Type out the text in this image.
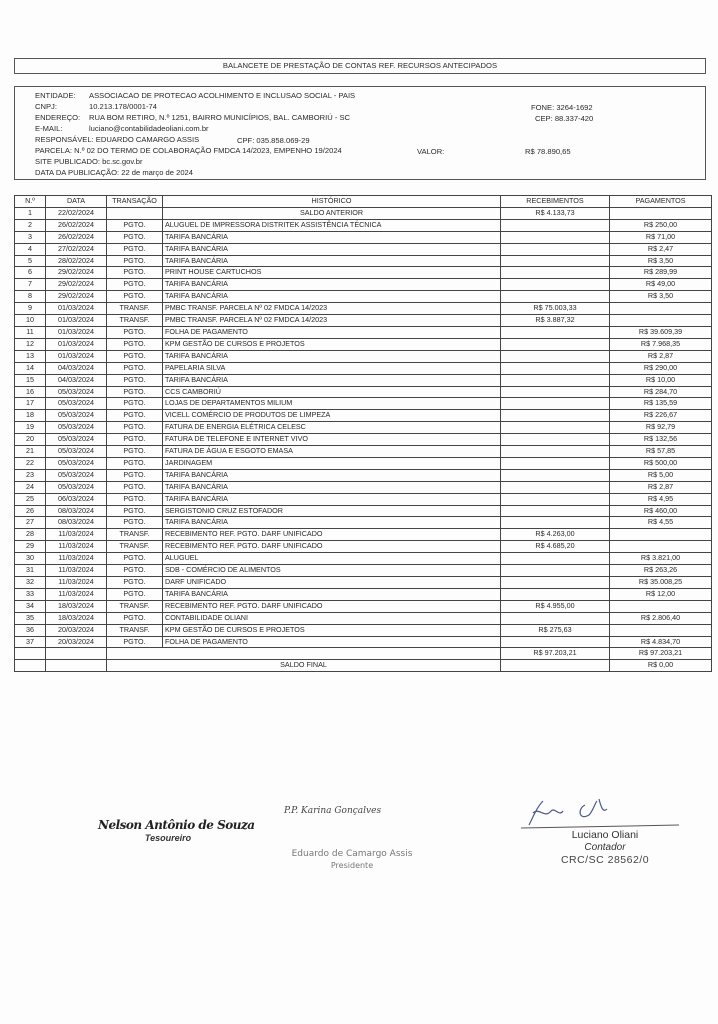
BALANCETE DE PRESTAÇÃO DE CONTAS REF. RECURSOS ANTECIPADOS
ENTIDADE: ASSOCIACAO DE PROTECAO ACOLHIMENTO E INCLUSAO SOCIAL - PAIS
CNPJ:	10.213.178/0001-74	FONE: 3264-1692
ENDEREÇO: RUA BOM RETIRO, N.º 1251, BAIRRO MUNICÍPIOS, BAL. CAMBORIÚ - SC	CEP: 88.337-420
E-MAIL:	luciano@contabilidadeoliani.com.br
RESPONSÁVEL: EDUARDO CAMARGO ASSIS	CPF: 035.858.069-29
PARCELA: N.º 02 DO TERMO DE COLABORAÇÃO FMDCA 14/2023, EMPENHO 19/2024	VALOR:	R$ 78.890,65
SITE PUBLICADO: bc.sc.gov.br
DATA DA PUBLICAÇÃO: 22 de março de 2024
N.º	DATA	TRANSAÇÃO	HISTÓRICO	RECEBIMENTOS	PAGAMENTOS
1	22/02/2024		SALDO ANTERIOR	R$ 4.133,73	
2	26/02/2024	PGTO.	ALUGUEL DE IMPRESSORA DISTRITEK ASSISTÊNCIA TÉCNICA		R$ 250,00
3	26/02/2024	PGTO.	TARIFA BANCÁRIA		R$ 71,00
4	27/02/2024	PGTO.	TARIFA BANCÁRIA		R$ 2,47
5	28/02/2024	PGTO.	TARIFA BANCÁRIA		R$ 3,50
6	29/02/2024	PGTO.	PRINT HOUSE CARTUCHOS		R$ 289,99
7	29/02/2024	PGTO.	TARIFA BANCÁRIA		R$ 49,00
8	29/02/2024	PGTO.	TARIFA BANCÁRIA		R$ 3,50
9	01/03/2024	TRANSF.	PMBC TRANSF. PARCELA Nº 02 FMDCA 14/2023	R$ 75.003,33	
10	01/03/2024	TRANSF.	PMBC TRANSF. PARCELA Nº 02 FMDCA 14/2023	R$ 3.887,32	
11	01/03/2024	PGTO.	FOLHA DE PAGAMENTO		R$ 39.609,39
12	01/03/2024	PGTO.	KPM GESTÃO DE CURSOS E PROJETOS		R$ 7.968,35
13	01/03/2024	PGTO.	TARIFA BANCÁRIA		R$ 2,87
14	04/03/2024	PGTO.	PAPELARIA SILVA		R$ 290,00
15	04/03/2024	PGTO.	TARIFA BANCÁRIA		R$ 10,00
16	05/03/2024	PGTO.	CCS CAMBORIÚ		R$ 284,70
17	05/03/2024	PGTO.	LOJAS DE DEPARTAMENTOS MILIUM		R$ 135,59
18	05/03/2024	PGTO.	VICELL COMÉRCIO DE PRODUTOS DE LIMPEZA		R$ 226,67
19	05/03/2024	PGTO.	FATURA DE ENERGIA ELÉTRICA CELESC		R$ 92,79
20	05/03/2024	PGTO.	FATURA DE TELEFONE E INTERNET VIVO		R$ 132,56
21	05/03/2024	PGTO.	FATURA DE ÁGUA E ESGOTO EMASA		R$ 57,85
22	05/03/2024	PGTO.	JARDINAGEM		R$ 500,00
23	05/03/2024	PGTO.	TARIFA BANCÁRIA		R$ 5,00
24	05/03/2024	PGTO.	TARIFA BANCÁRIA		R$ 2,87
25	06/03/2024	PGTO.	TARIFA BANCÁRIA		R$ 4,95
26	08/03/2024	PGTO.	SERGISTONIO CRUZ ESTOFADOR		R$ 460,00
27	08/03/2024	PGTO.	TARIFA BANCÁRIA		R$ 4,55
28	11/03/2024	TRANSF.	RECEBIMENTO REF. PGTO. DARF UNIFICADO	R$ 4.263,00	
29	11/03/2024	TRANSF.	RECEBIMENTO REF. PGTO. DARF UNIFICADO	R$ 4.685,20	
30	11/03/2024	PGTO.	ALUGUEL		R$ 3.821,00
31	11/03/2024	PGTO.	SDB - COMÉRCIO DE ALIMENTOS		R$ 263,26
32	11/03/2024	PGTO.	DARF UNIFICADO		R$ 35.008,25
33	11/03/2024	PGTO.	TARIFA BANCÁRIA		R$ 12,00
34	18/03/2024	TRANSF.	RECEBIMENTO REF. PGTO. DARF UNIFICADO	R$ 4.955,00	
35	18/03/2024	PGTO.	CONTABILIDADE OLIANI		R$ 2.806,40
36	20/03/2024	TRANSF.	KPM GESTÃO DE CURSOS E PROJETOS	R$ 275,63	
37	20/03/2024	PGTO.	FOLHA DE PAGAMENTO		R$ 4.834,70
				R$ 97.203,21	R$ 97.203,21
		SALDO FINAL			R$ 0,00
Nelson Antônio de Souza
Tesoureiro
P.P. Karina Gonçalves
Eduardo de Camargo Assis
Presidente
Luciano Oliani
Contador
CRC/SC 28562/0
